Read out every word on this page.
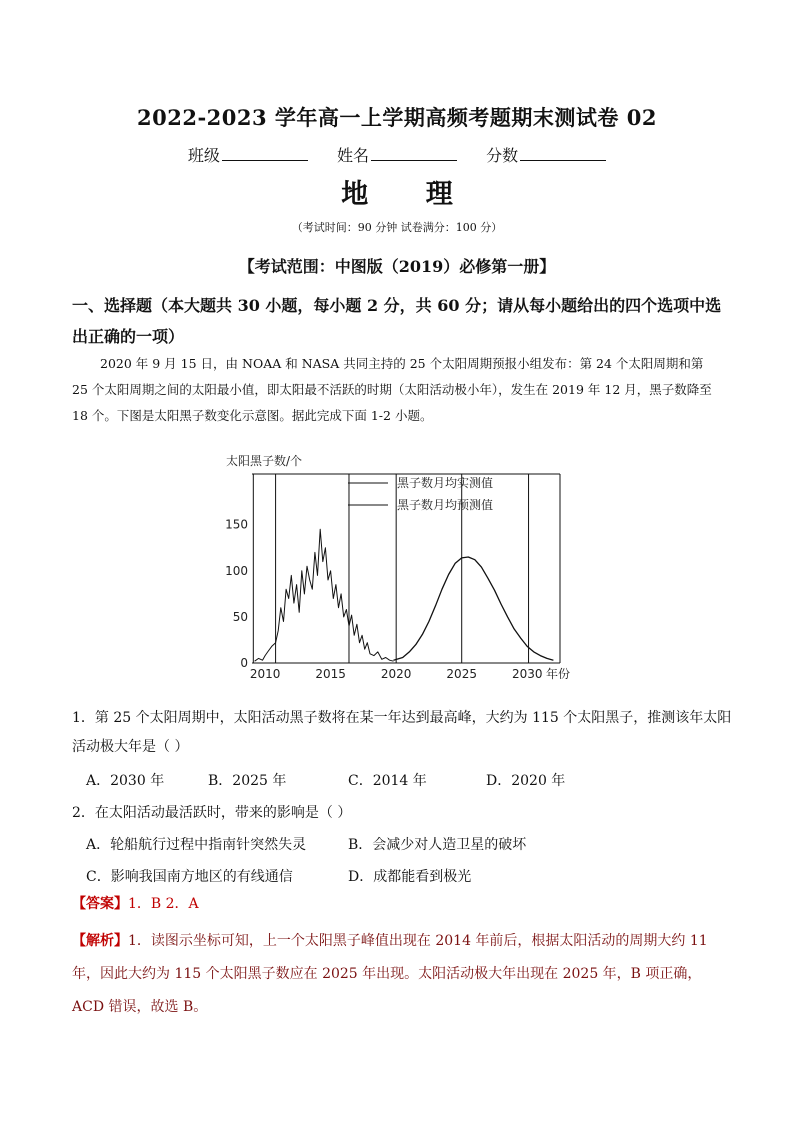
2022-2023 学年高一上学期高频考题期末测试卷 02
班级	姓名	分数
地 理
（考试时间：90 分钟 试卷满分：100 分）
【考试范围：中图版（2019）必修第一册】
一、选择题（本大题共 30 小题，每小题 2 分，共 60 分；请从每小题给出的四个选项中选出正确的一项）
2020 年 9 月 15 日，由 NOAA 和 NASA 共同主持的 25 个太阳周期预报小组发布：第 24 个太阳周期和第 25 个太阳周期之间的太阳最小值，即太阳最不活跃的时期（太阳活动极小年），发生在 2019 年 12 月，黑子数降至 18 个。下图是太阳黑子数变化示意图。据此完成下面 1-2 小题。
太阳黑子数/个
0
50
100
150
2010	2015	2020	2025	2030 年份
黑子数月均实测值
黑子数月均预测值
1．第 25 个太阳周期中，太阳活动黑子数将在某一年达到最高峰，大约为 115 个太阳黑子，推测该年太阳活动极大年是（ ）
A．2030 年	B．2025 年	C．2014 年	D．2020 年
2．在太阳活动最活跃时，带来的影响是（ ）
A．轮船航行过程中指南针突然失灵	B．会减少对人造卫星的破坏
C．影响我国南方地区的有线通信	D．成都能看到极光
【答案】1．B 2．A
【解析】1．读图示坐标可知，上一个太阳黑子峰值出现在 2014 年前后，根据太阳活动的周期大约 11 年，因此大约为 115 个太阳黑子数应在 2025 年出现。太阳活动极大年出现在 2025 年，B 项正确，ACD 错误，故选 B。
